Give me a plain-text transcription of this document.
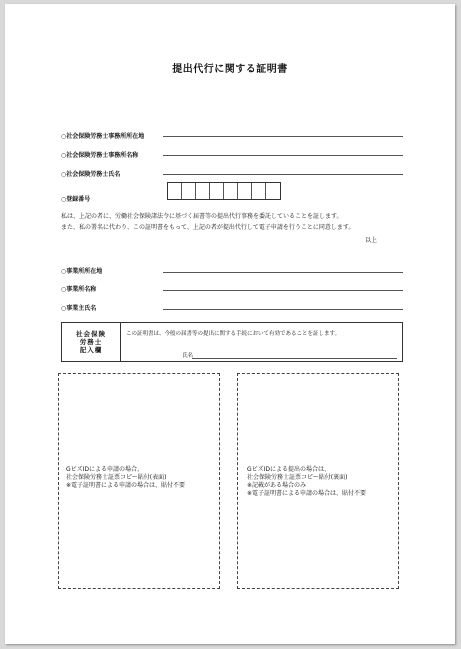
提出代行に関する証明書
○社会保険労務士事務所所在地
○社会保険労務士事務所名称
○社会保険労務士氏名
○登録番号
私は、上記の者に、労働社会保険諸法令に基づく届書等の提出代行事務を委託していることを証します。
また、私の署名に代わり、この証明書をもって、上記の者が提出代行して電子申請を行うことに同意します。
以上
○事業所所在地
○事業所名称
○事業主氏名
社会保険
労務士
記入欄
この証明書は、今般の届書等の提出に関する手続において有効であることを証します。
氏名
GビズIDによる申請の場合、
社会保険労務士証票コピー貼付(表面)
※電子証明書による申請の場合は、貼付不要
GビズIDによる提出の場合は、
社会保険労務士証票コピー貼付(裏面)
※記載がある場合のみ
※電子証明書による申請の場合は、貼付不要
